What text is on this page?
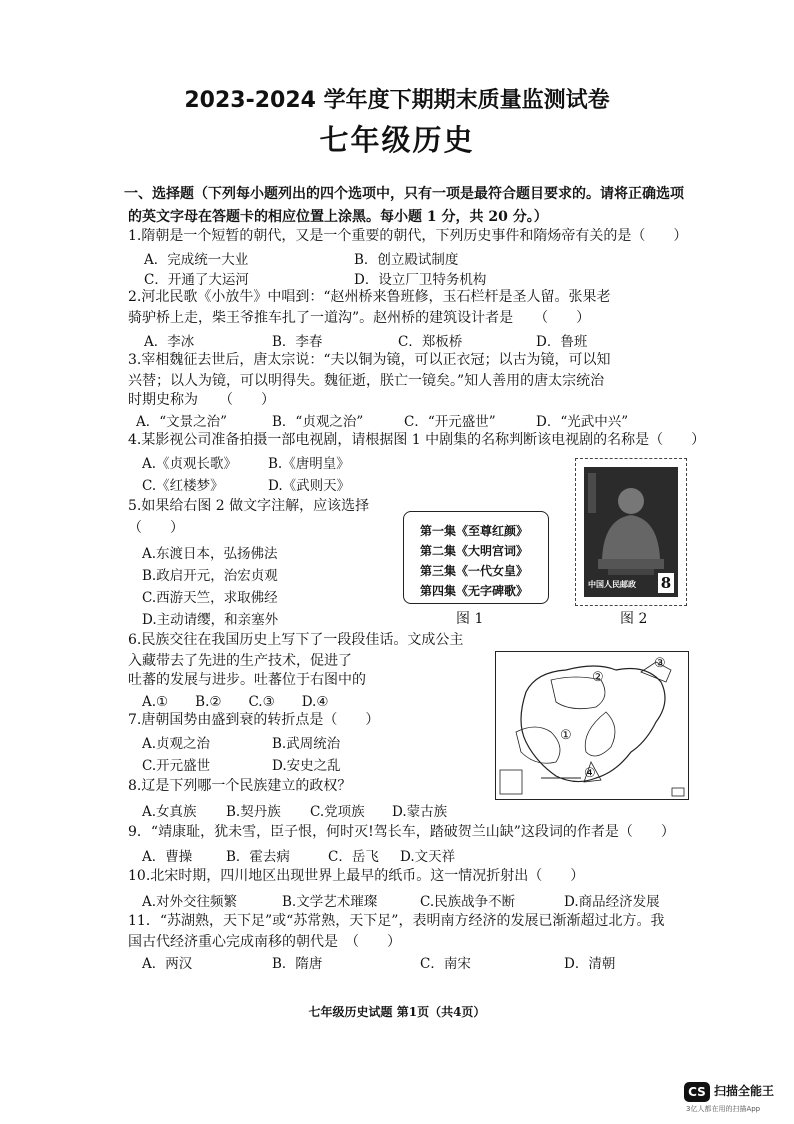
2023-2024 学年度下期期末质量监测试卷
七年级历史
一、选择题（下列每小题列出的四个选项中，只有一项是最符合题目要求的。请将正确选项
的英文字母在答题卡的相应位置上涂黑。每小题 1 分，共 20 分。）
1.隋朝是一个短暂的朝代，又是一个重要的朝代，下列历史事件和隋炀帝有关的是（　　）
A．完成统一大业	B．创立殿试制度
C．开通了大运河	D．设立厂卫特务机构
2.河北民歌《小放牛》中唱到：“赵州桥来鲁班修，玉石栏杆是圣人留。张果老
骑驴桥上走，柴王爷推车扎了一道沟”。赵州桥的建筑设计者是　　（　　）
A．李冰	B．李春	C．郑板桥	D．鲁班
3.宰相魏征去世后，唐太宗说：“夫以铜为镜，可以正衣冠；以古为镜，可以知
兴替；以人为镜，可以明得失。魏征逝，朕亡一镜矣。”知人善用的唐太宗统治
时期史称为　　（　　）
A．“文景之治”	B．“贞观之治”	C．“开元盛世”	D．“光武中兴”
4.某影视公司准备拍摄一部电视剧，请根据图 1 中剧集的名称判断该电视剧的名称是（　　）
A.《贞观长歌》 B.《唐明皇》
C.《红楼梦》	D.《武则天》
5.如果给右图 2 做文字注解，应该选择
（　　）
A.东渡日本，弘扬佛法
B.政启开元，治宏贞观
C.西游天竺，求取佛经
D.主动请缨，和亲塞外
第一集《至尊红颜》
第二集《大明宫词》
第三集《一代女皇》
第四集《无字碑歌》
图 1
中国人民邮政 8
图 2
6.民族交往在我国历史上写下了一段段佳话。文成公主
入藏带去了先进的生产技术，促进了
吐蕃的发展与进步。吐蕃位于右图中的
A.①　　B.②　　C.③　　D.④
①
②
③
④
7.唐朝国势由盛到衰的转折点是（　　）
A.贞观之治	B.武周统治
C.开元盛世	D.安史之乱
8.辽是下列哪一个民族建立的政权？
A.女真族 B.契丹族 C.党项族 D.蒙古族
9．“靖康耻，犹未雪，臣子恨，何时灭!驾长车，踏破贺兰山缺”这段词的作者是（　　）
A．曹操	B．霍去病	C．岳飞 D.文天祥
10.北宋时期，四川地区出现世界上最早的纸币。这一情况折射出（　　）
A.对外交往频繁	B.文学艺术璀璨	C.民族战争不断	D.商品经济发展
11．“苏湖熟，天下足”或“苏常熟，天下足”，表明南方经济的发展已渐渐超过北方。我
国古代经济重心完成南移的朝代是　（　　）
A．两汉	B．隋唐	C．南宋	D．清朝
七年级历史试题 第1页（共4页）
CS 扫描全能王
3亿人都在用的扫描App
